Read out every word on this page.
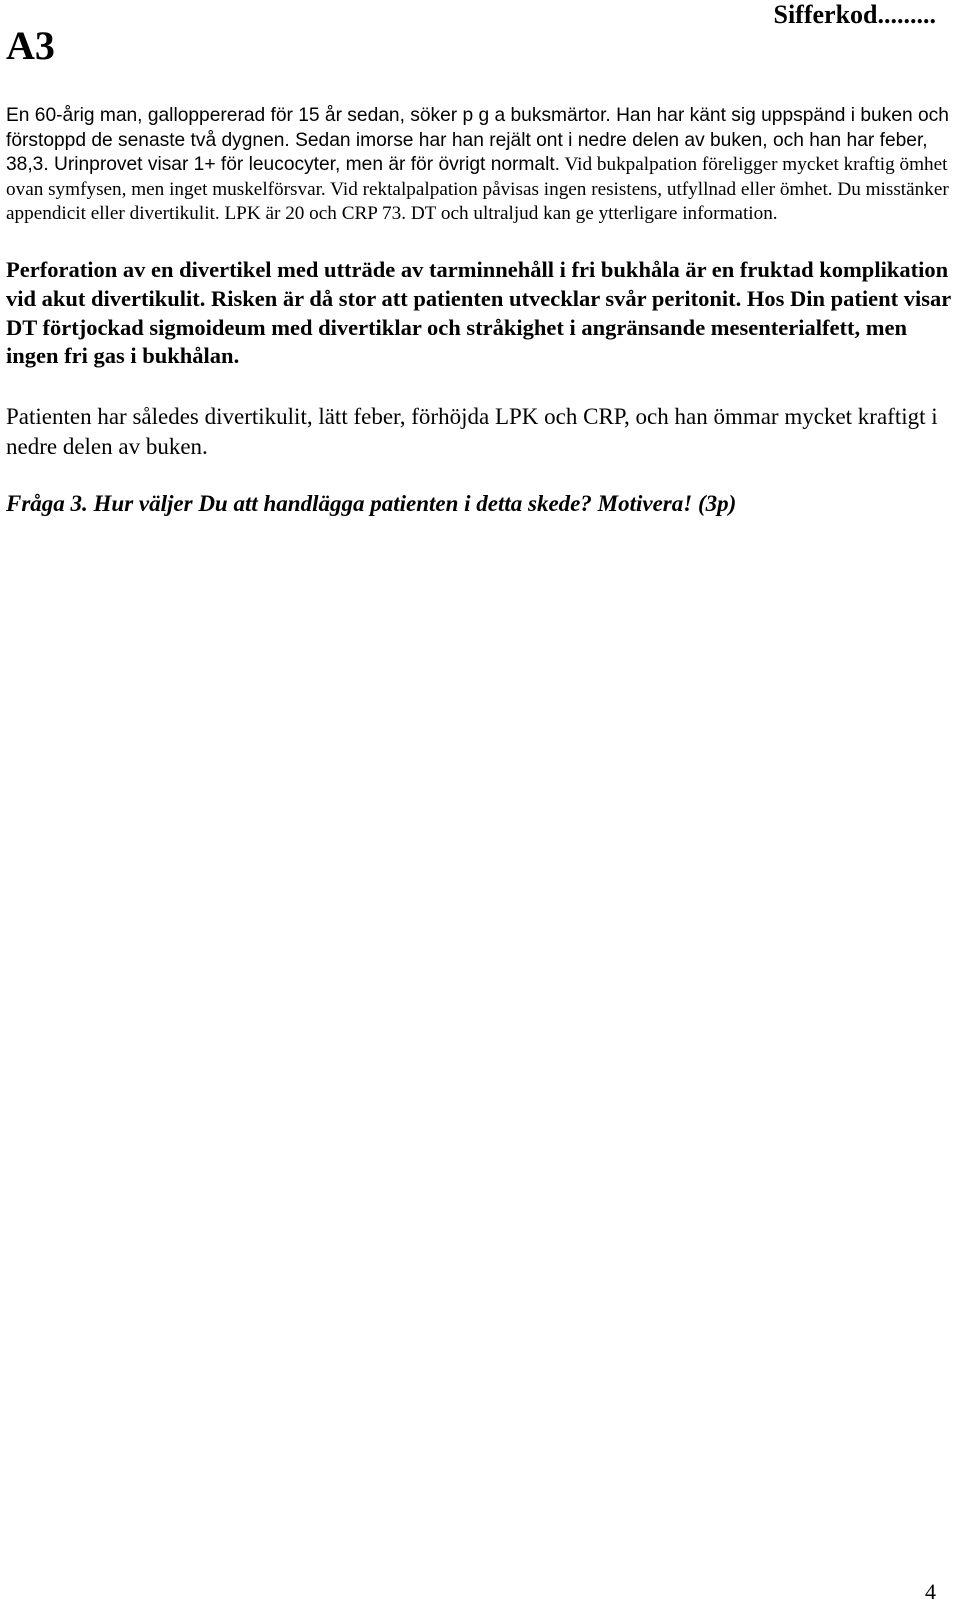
A3
Sifferkod.........
En 60-årig man, galloppererad för 15 år sedan, söker p g a buksmärtor. Han har känt sig uppspänd i buken och förstoppd de senaste två dygnen. Sedan imorse har han rejält ont i nedre delen av buken, och han har feber, 38,3. Urinprovet visar 1+ för leucocyter, men är för övrigt normalt. Vid bukpalpation föreligger mycket kraftig ömhet ovan symfysen, men inget muskelförsvar. Vid rektalpalpation påvisas ingen resistens, utfyllnad eller ömhet. Du misstänker appendicit eller divertikulit. LPK är 20 och CRP 73. DT och ultraljud kan ge ytterligare information.
Perforation av en divertikel med utträde av tarminnehåll i fri bukhåla är en fruktad komplikation vid akut divertikulit. Risken är då stor att patienten utvecklar svår peritonit. Hos Din patient visar DT förtjockad sigmoideum med divertiklar och stråkighet i angränsande mesenterialfett, men ingen fri gas i bukhålan.
Patienten har således divertikulit, lätt feber, förhöjda LPK och CRP, och han ömmar mycket kraftigt i nedre delen av buken.
Fråga 3. Hur väljer Du att handlägga patienten i detta skede? Motivera! (3p)
4
